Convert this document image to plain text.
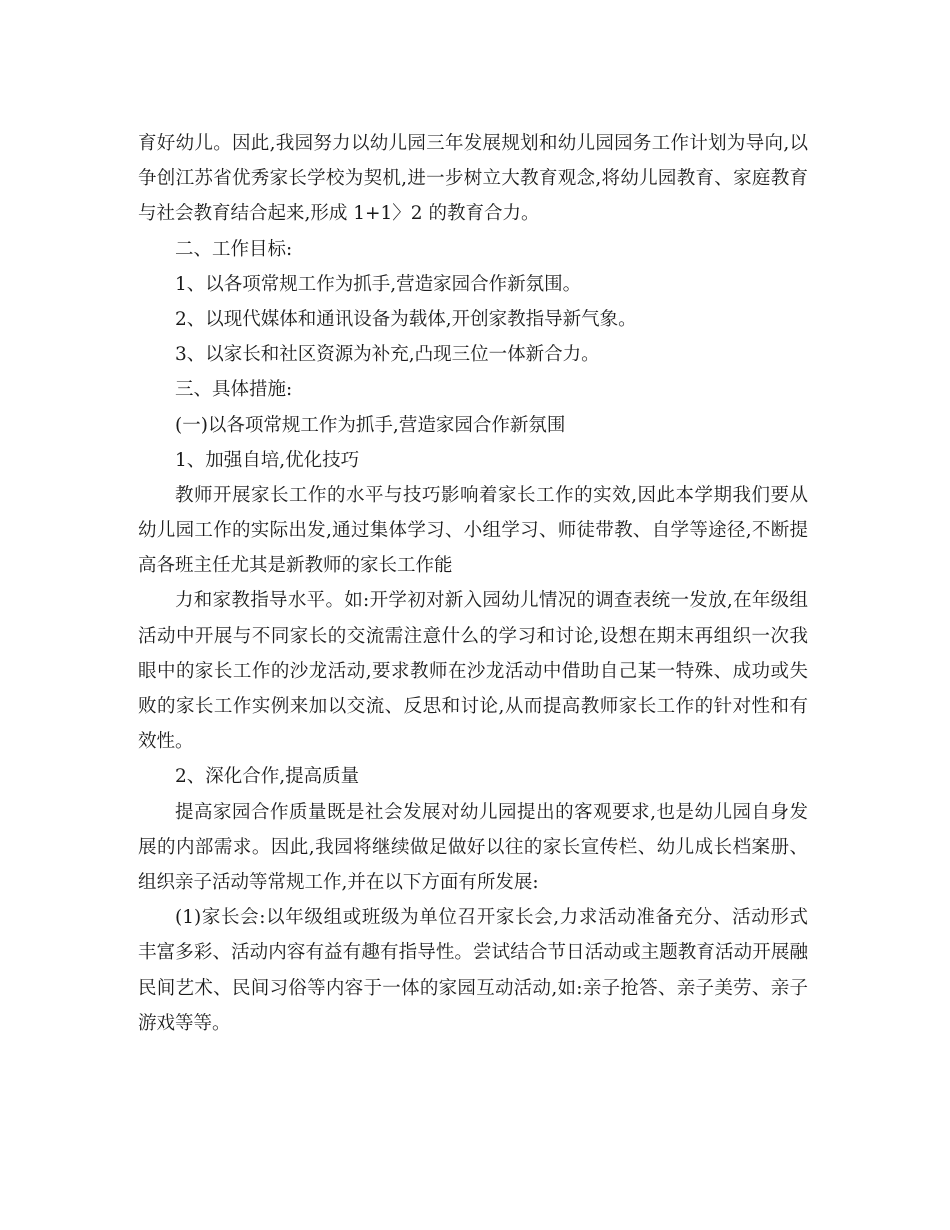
育好幼儿。因此,我园努力以幼儿园三年发展规划和幼儿园园务工作计划为导向,以
争创江苏省优秀家长学校为契机,进一步树立大教育观念,将幼儿园教育、家庭教育
与社会教育结合起来,形成 1+1〉2 的教育合力。
二、工作目标:
1、以各项常规工作为抓手,营造家园合作新氛围。
2、以现代媒体和通讯设备为载体,开创家教指导新气象。
3、以家长和社区资源为补充,凸现三位一体新合力。
三、具体措施:
(一)以各项常规工作为抓手,营造家园合作新氛围
1、加强自培,优化技巧
教师开展家长工作的水平与技巧影响着家长工作的实效,因此本学期我们要从
幼儿园工作的实际出发,通过集体学习、小组学习、师徒带教、自学等途径,不断提
高各班主任尤其是新教师的家长工作能
力和家教指导水平。如:开学初对新入园幼儿情况的调查表统一发放,在年级组
活动中开展与不同家长的交流需注意什么的学习和讨论,设想在期末再组织一次我
眼中的家长工作的沙龙活动,要求教师在沙龙活动中借助自己某一特殊、成功或失
败的家长工作实例来加以交流、反思和讨论,从而提高教师家长工作的针对性和有
效性。
2、深化合作,提高质量
提高家园合作质量既是社会发展对幼儿园提出的客观要求,也是幼儿园自身发
展的内部需求。因此,我园将继续做足做好以往的家长宣传栏、幼儿成长档案册、
组织亲子活动等常规工作,并在以下方面有所发展:
(1)家长会:以年级组或班级为单位召开家长会,力求活动准备充分、活动形式
丰富多彩、活动内容有益有趣有指导性。尝试结合节日活动或主题教育活动开展融
民间艺术、民间习俗等内容于一体的家园互动活动,如:亲子抢答、亲子美劳、亲子
游戏等等。
